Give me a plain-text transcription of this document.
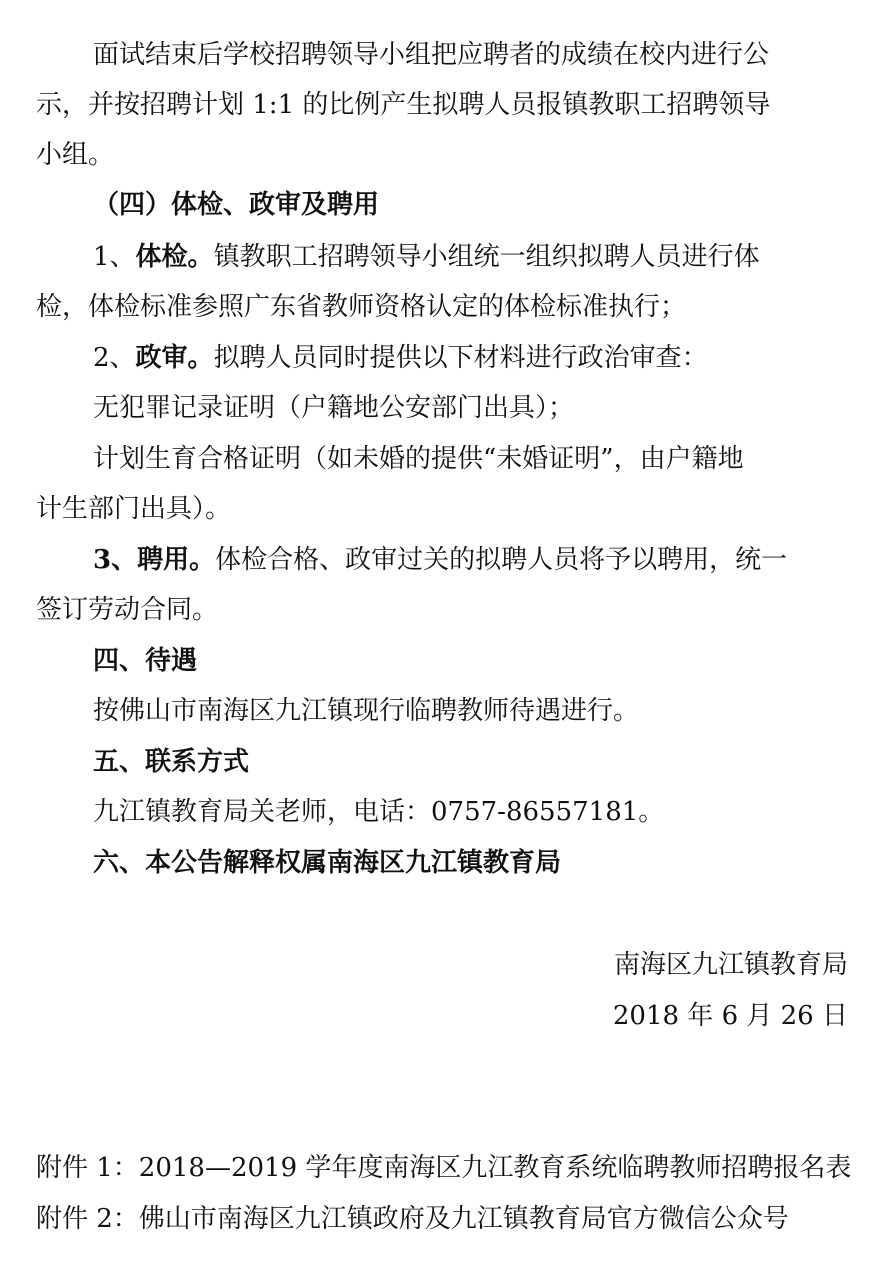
面试结束后学校招聘领导小组把应聘者的成绩在校内进行公
示，并按招聘计划 1:1 的比例产生拟聘人员报镇教职工招聘领导
小组。
（四）体检、政审及聘用
1、体检。镇教职工招聘领导小组统一组织拟聘人员进行体
检，体检标准参照广东省教师资格认定的体检标准执行；
2、政审。拟聘人员同时提供以下材料进行政治审查：
无犯罪记录证明（户籍地公安部门出具）；
计划生育合格证明（如未婚的提供“未婚证明”，由户籍地
计生部门出具）。
3、聘用。体检合格、政审过关的拟聘人员将予以聘用，统一
签订劳动合同。
四、待遇
按佛山市南海区九江镇现行临聘教师待遇进行。
五、联系方式
九江镇教育局关老师，电话：0757-86557181。
六、本公告解释权属南海区九江镇教育局
南海区九江镇教育局
2018 年 6 月 26 日
附件 1：2018—2019 学年度南海区九江教育系统临聘教师招聘报名表
附件 2：佛山市南海区九江镇政府及九江镇教育局官方微信公众号
